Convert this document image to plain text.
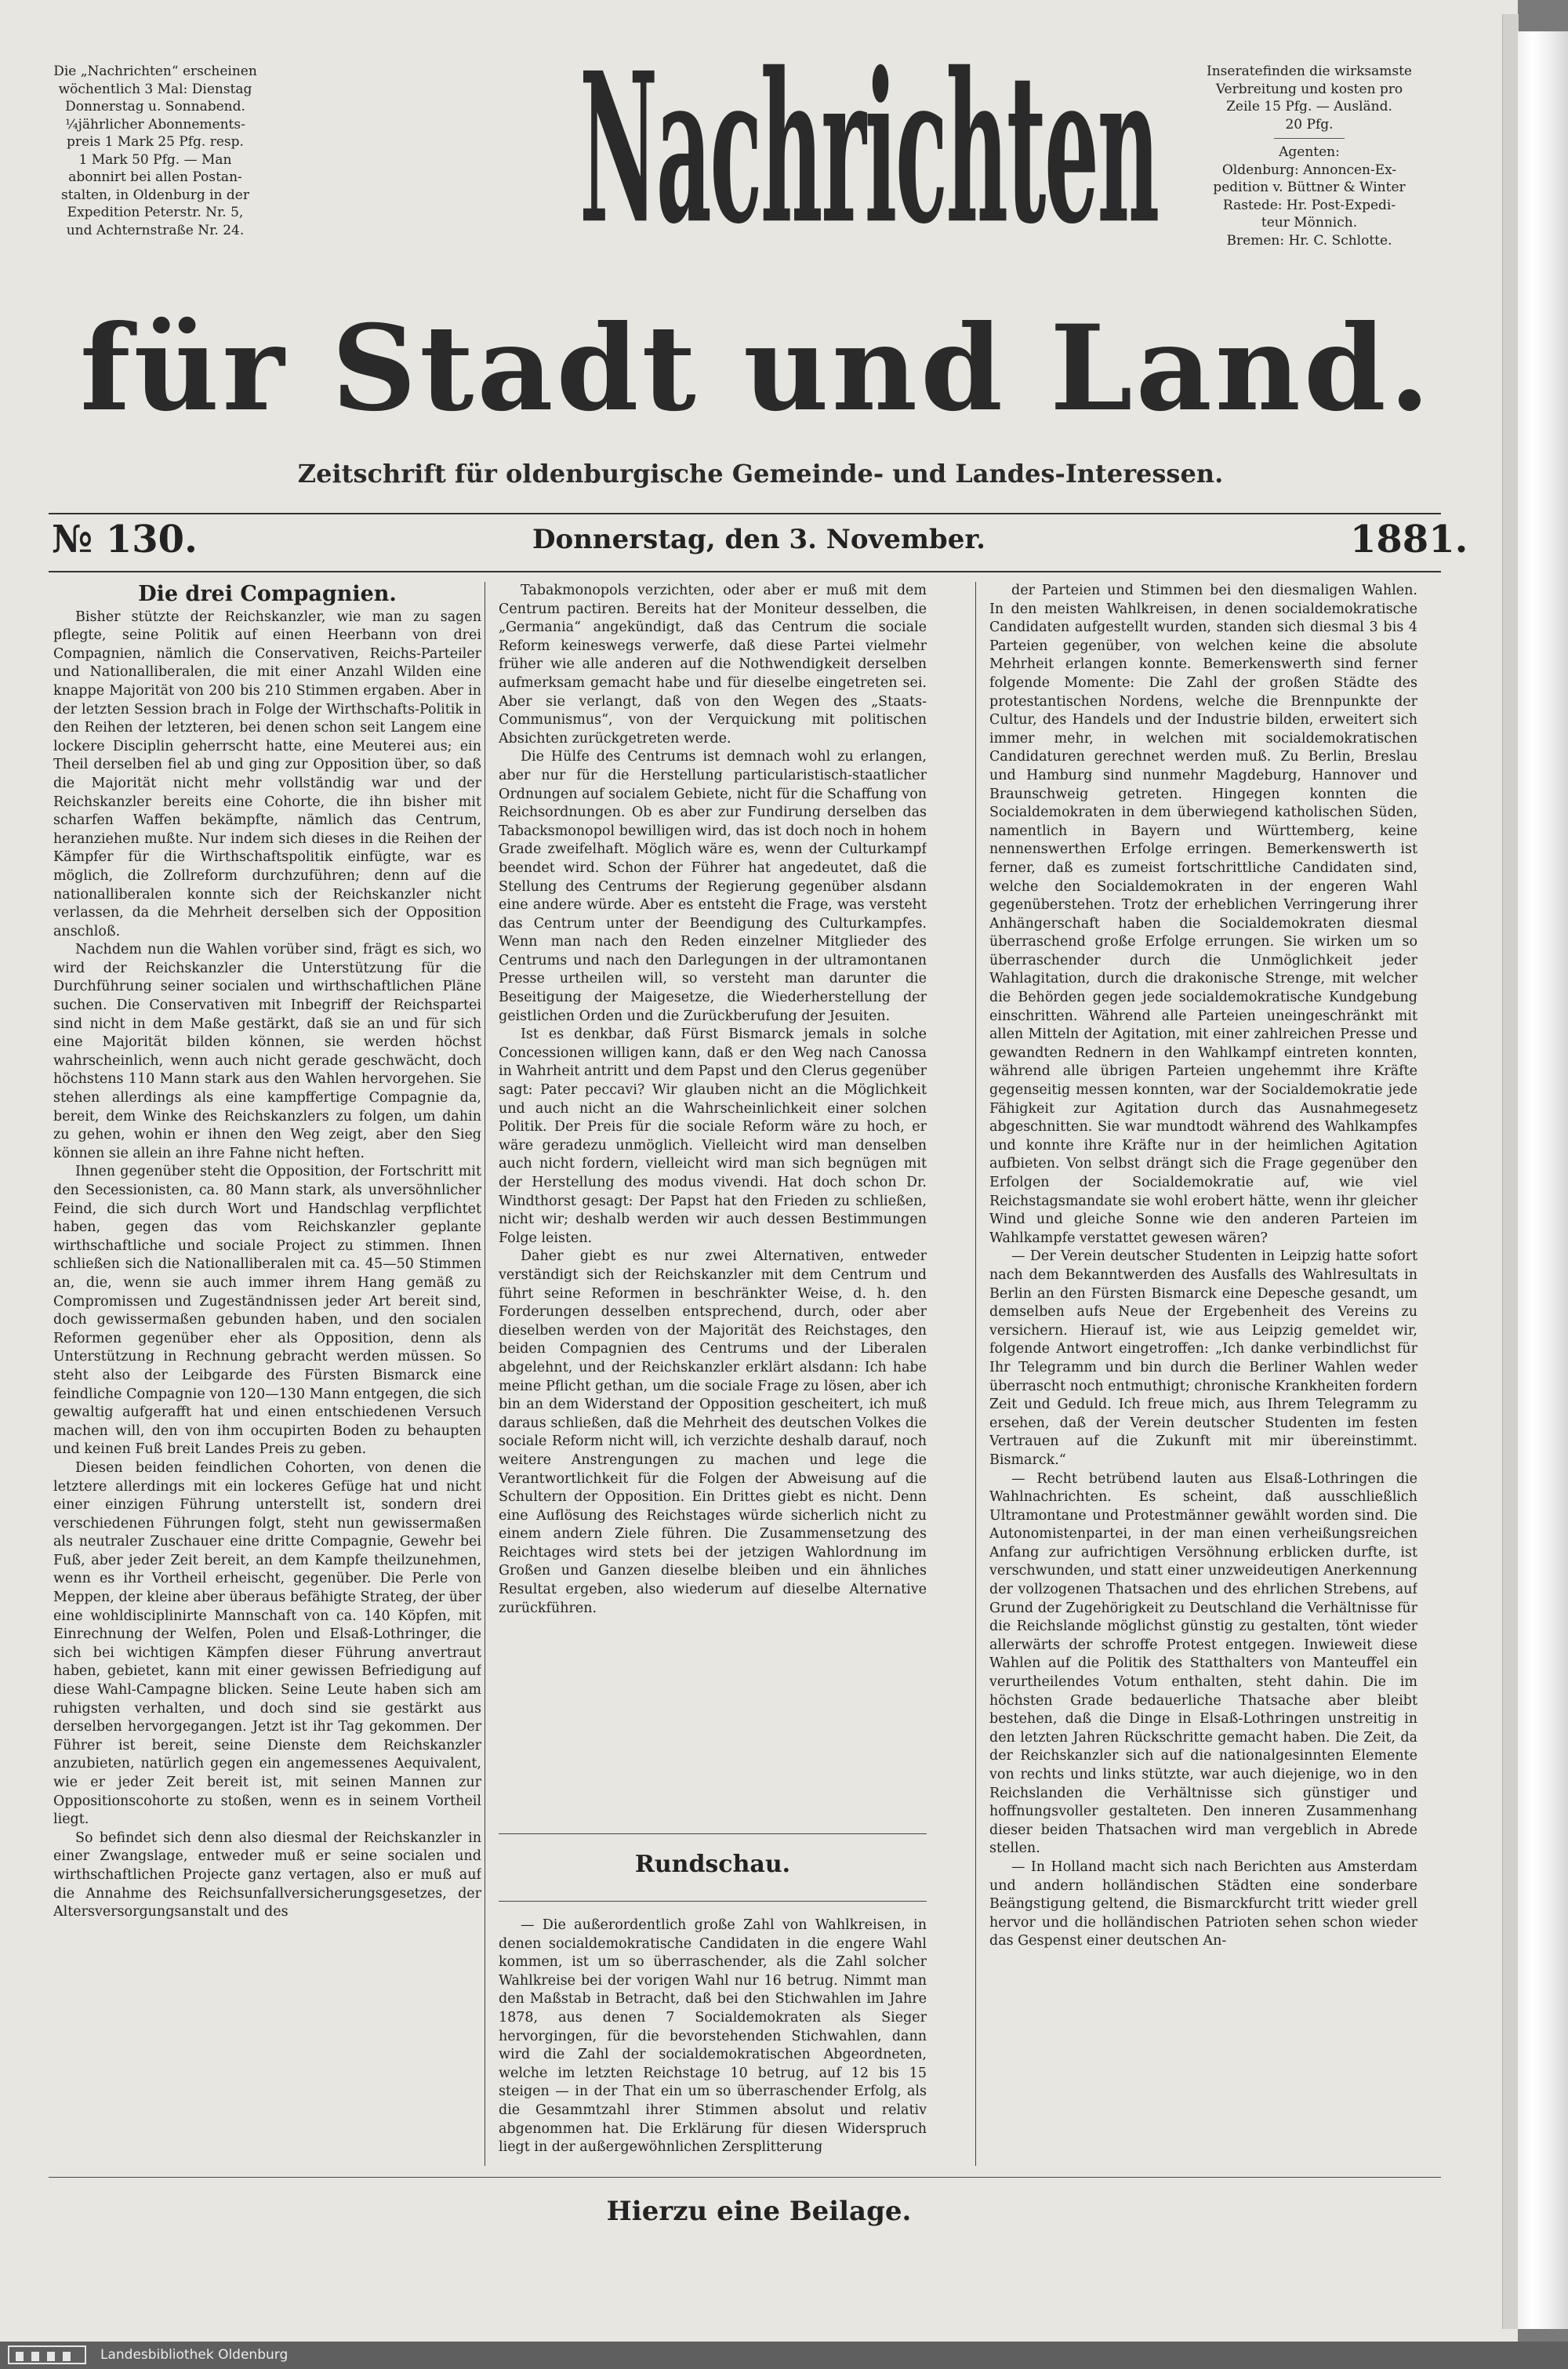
Die „Nachrichten“ erscheinen
wöchentlich 3 Mal: Dienstag
Donnerstag u. Sonnabend.
¼jährlicher Abonnements-
preis 1 Mark 25 Pfg. resp.
1 Mark 50 Pfg. — Man
abonnirt bei allen Postan-
stalten, in Oldenburg in der
Expedition Peterstr. Nr. 5,
und Achternstraße Nr. 24.
Inseratefinden die wirksamste
Verbreitung und kosten pro
Zeile 15 Pfg. — Ausländ.
20 Pfg.
Agenten:
Oldenburg: Annoncen-Ex-
pedition v. Büttner & Winter
Rastede: Hr. Post-Expedi-
teur Mönnich.
Bremen: Hr. C. Schlotte.
Nachrichten
für Stadt und Land.
Zeitschrift für oldenburgische Gemeinde- und Landes-Interessen.
№ 130.	Donnerstag, den 3. November.	1881.
Die drei Compagnien.

Bisher stützte der Reichskanzler, wie man zu sagen pflegte, seine Politik auf einen Heerbann von drei Compagnien, nämlich die Conservativen, Reichs-Parteiler und Nationalliberalen, die mit einer Anzahl Wilden eine knappe Majorität von 200 bis 210 Stimmen ergaben. Aber in der letzten Session brach in Folge der Wirthschafts-Politik in den Reihen der letzteren, bei denen schon seit Langem eine lockere Disciplin geherrscht hatte, eine Meuterei aus; ein Theil derselben fiel ab und ging zur Opposition über, so daß die Majorität nicht mehr vollständig war und der Reichskanzler bereits eine Cohorte, die ihn bisher mit scharfen Waffen bekämpfte, nämlich das Centrum, heranziehen mußte. Nur indem sich dieses in die Reihen der Kämpfer für die Wirthschaftspolitik einfügte, war es möglich, die Zollreform durchzuführen; denn auf die nationalliberalen konnte sich der Reichskanzler nicht verlassen, da die Mehrheit derselben sich der Opposition anschloß.

Nachdem nun die Wahlen vorüber sind, frägt es sich, wo wird der Reichskanzler die Unterstützung für die Durchführung seiner socialen und wirthschaftlichen Pläne suchen. Die Conservativen mit Inbegriff der Reichspartei sind nicht in dem Maße gestärkt, daß sie an und für sich eine Majorität bilden können, sie werden höchst wahrscheinlich, wenn auch nicht gerade geschwächt, doch höchstens 110 Mann stark aus den Wahlen hervorgehen. Sie stehen allerdings als eine kampffertige Compagnie da, bereit, dem Winke des Reichskanzlers zu folgen, um dahin zu gehen, wohin er ihnen den Weg zeigt, aber den Sieg können sie allein an ihre Fahne nicht heften.

Ihnen gegenüber steht die Opposition, der Fortschritt mit den Secessionisten, ca. 80 Mann stark, als unversöhnlicher Feind, die sich durch Wort und Handschlag verpflichtet haben, gegen das vom Reichskanzler geplante wirthschaftliche und sociale Project zu stimmen. Ihnen schließen sich die Nationalliberalen mit ca. 45—50 Stimmen an, die, wenn sie auch immer ihrem Hang gemäß zu Compromissen und Zugeständnissen jeder Art bereit sind, doch gewissermaßen gebunden haben, und den socialen Reformen gegenüber eher als Opposition, denn als Unterstützung in Rechnung gebracht werden müssen. So steht also der Leibgarde des Fürsten Bismarck eine feindliche Compagnie von 120—130 Mann entgegen, die sich gewaltig aufgerafft hat und einen entschiedenen Versuch machen will, den von ihm occupirten Boden zu behaupten und keinen Fuß breit Landes Preis zu geben.

Diesen beiden feindlichen Cohorten, von denen die letztere allerdings mit ein lockeres Gefüge hat und nicht einer einzigen Führung unterstellt ist, sondern drei verschiedenen Führungen folgt, steht nun gewissermaßen als neutraler Zuschauer eine dritte Compagnie, Gewehr bei Fuß, aber jeder Zeit bereit, an dem Kampfe theilzunehmen, wenn es ihr Vortheil erheischt, gegenüber. Die Perle von Meppen, der kleine aber überaus befähigte Strateg, der über eine wohldisciplinirte Mannschaft von ca. 140 Köpfen, mit Einrechnung der Welfen, Polen und Elsaß-Lothringer, die sich bei wichtigen Kämpfen dieser Führung anvertraut haben, gebietet, kann mit einer gewissen Befriedigung auf diese Wahl-Campagne blicken. Seine Leute haben sich am ruhigsten verhalten, und doch sind sie gestärkt aus derselben hervorgegangen. Jetzt ist ihr Tag gekommen. Der Führer ist bereit, seine Dienste dem Reichskanzler anzubieten, natürlich gegen ein angemessenes Aequivalent, wie er jeder Zeit bereit ist, mit seinen Mannen zur Oppositionscohorte zu stoßen, wenn es in seinem Vortheil liegt.

So befindet sich denn also diesmal der Reichskanzler in einer Zwangslage, entweder muß er seine socialen und wirthschaftlichen Projecte ganz vertagen, also er muß auf die Annahme des Reichsunfallversicherungsgesetzes, der Altersversorgungsanstalt und des

Tabakmonopols verzichten, oder aber er muß mit dem Centrum pactiren. Bereits hat der Moniteur desselben, die „Germania“ angekündigt, daß das Centrum die sociale Reform keineswegs verwerfe, daß diese Partei vielmehr früher wie alle anderen auf die Nothwendigkeit derselben aufmerksam gemacht habe und für dieselbe eingetreten sei. Aber sie verlangt, daß von den Wegen des „Staats-Communismus“, von der Verquickung mit politischen Absichten zurückgetreten werde.

Die Hülfe des Centrums ist demnach wohl zu erlangen, aber nur für die Herstellung particularistisch-staatlicher Ordnungen auf socialem Gebiete, nicht für die Schaffung von Reichsordnungen. Ob es aber zur Fundirung derselben das Tabacksmonopol bewilligen wird, das ist doch noch in hohem Grade zweifelhaft. Möglich wäre es, wenn der Culturkampf beendet wird. Schon der Führer hat angedeutet, daß die Stellung des Centrums der Regierung gegenüber alsdann eine andere würde. Aber es entsteht die Frage, was versteht das Centrum unter der Beendigung des Culturkampfes. Wenn man nach den Reden einzelner Mitglieder des Centrums und nach den Darlegungen in der ultramontanen Presse urtheilen will, so versteht man darunter die Beseitigung der Maigesetze, die Wiederherstellung der geistlichen Orden und die Zurückberufung der Jesuiten.

Ist es denkbar, daß Fürst Bismarck jemals in solche Concessionen willigen kann, daß er den Weg nach Canossa in Wahrheit antritt und dem Papst und den Clerus gegenüber sagt: Pater peccavi? Wir glauben nicht an die Möglichkeit und auch nicht an die Wahrscheinlichkeit einer solchen Politik. Der Preis für die sociale Reform wäre zu hoch, er wäre geradezu unmöglich. Vielleicht wird man denselben auch nicht fordern, vielleicht wird man sich begnügen mit der Herstellung des modus vivendi. Hat doch schon Dr. Windthorst gesagt: Der Papst hat den Frieden zu schließen, nicht wir; deshalb werden wir auch dessen Bestimmungen Folge leisten.

Daher giebt es nur zwei Alternativen, entweder verständigt sich der Reichskanzler mit dem Centrum und führt seine Reformen in beschränkter Weise, d. h. den Forderungen desselben entsprechend, durch, oder aber dieselben werden von der Majorität des Reichstages, den beiden Compagnien des Centrums und der Liberalen abgelehnt, und der Reichskanzler erklärt alsdann: Ich habe meine Pflicht gethan, um die sociale Frage zu lösen, aber ich bin an dem Widerstand der Opposition gescheitert, ich muß daraus schließen, daß die Mehrheit des deutschen Volkes die sociale Reform nicht will, ich verzichte deshalb darauf, noch weitere Anstrengungen zu machen und lege die Verantwortlichkeit für die Folgen der Abweisung auf die Schultern der Opposition. Ein Drittes giebt es nicht. Denn eine Auflösung des Reichstages würde sicherlich nicht zu einem andern Ziele führen. Die Zusammensetzung des Reichtages wird stets bei der jetzigen Wahlordnung im Großen und Ganzen dieselbe bleiben und ein ähnliches Resultat ergeben, also wiederum auf dieselbe Alternative zurückführen.

Rundschau.

— Die außerordentlich große Zahl von Wahlkreisen, in denen socialdemokratische Candidaten in die engere Wahl kommen, ist um so überraschender, als die Zahl solcher Wahlkreise bei der vorigen Wahl nur 16 betrug. Nimmt man den Maßstab in Betracht, daß bei den Stichwahlen im Jahre 1878, aus denen 7 Socialdemokraten als Sieger hervorgingen, für die bevorstehenden Stichwahlen, dann wird die Zahl der socialdemokratischen Abgeordneten, welche im letzten Reichstage 10 betrug, auf 12 bis 15 steigen — in der That ein um so überraschender Erfolg, als die Gesammtzahl ihrer Stimmen absolut und relativ abgenommen hat. Die Erklärung für diesen Widerspruch liegt in der außergewöhnlichen Zersplitterung

der Parteien und Stimmen bei den diesmaligen Wahlen. In den meisten Wahlkreisen, in denen socialdemokratische Candidaten aufgestellt wurden, standen sich diesmal 3 bis 4 Parteien gegenüber, von welchen keine die absolute Mehrheit erlangen konnte. Bemerkenswerth sind ferner folgende Momente: Die Zahl der großen Städte des protestantischen Nordens, welche die Brennpunkte der Cultur, des Handels und der Industrie bilden, erweitert sich immer mehr, in welchen mit socialdemokratischen Candidaturen gerechnet werden muß. Zu Berlin, Breslau und Hamburg sind nunmehr Magdeburg, Hannover und Braunschweig getreten. Hingegen konnten die Socialdemokraten in dem überwiegend katholischen Süden, namentlich in Bayern und Württemberg, keine nennenswerthen Erfolge erringen. Bemerkenswerth ist ferner, daß es zumeist fortschrittliche Candidaten sind, welche den Socialdemokraten in der engeren Wahl gegenüberstehen. Trotz der erheblichen Verringerung ihrer Anhängerschaft haben die Socialdemokraten diesmal überraschend große Erfolge errungen. Sie wirken um so überraschender durch die Unmöglichkeit jeder Wahlagitation, durch die drakonische Strenge, mit welcher die Behörden gegen jede socialdemokratische Kundgebung einschritten. Während alle Parteien uneingeschränkt mit allen Mitteln der Agitation, mit einer zahlreichen Presse und gewandten Rednern in den Wahlkampf eintreten konnten, während alle übrigen Parteien ungehemmt ihre Kräfte gegenseitig messen konnten, war der Socialdemokratie jede Fähigkeit zur Agitation durch das Ausnahmegesetz abgeschnitten. Sie war mundtodt während des Wahlkampfes und konnte ihre Kräfte nur in der heimlichen Agitation aufbieten. Von selbst drängt sich die Frage gegenüber den Erfolgen der Socialdemokratie auf, wie viel Reichstagsmandate sie wohl erobert hätte, wenn ihr gleicher Wind und gleiche Sonne wie den anderen Parteien im Wahlkampfe verstattet gewesen wären?

— Der Verein deutscher Studenten in Leipzig hatte sofort nach dem Bekanntwerden des Ausfalls des Wahlresultats in Berlin an den Fürsten Bismarck eine Depesche gesandt, um demselben aufs Neue der Ergebenheit des Vereins zu versichern. Hierauf ist, wie aus Leipzig gemeldet wir, folgende Antwort eingetroffen: „Ich danke verbindlichst für Ihr Telegramm und bin durch die Berliner Wahlen weder überrascht noch entmuthigt; chronische Krankheiten fordern Zeit und Geduld. Ich freue mich, aus Ihrem Telegramm zu ersehen, daß der Verein deutscher Studenten im festen Vertrauen auf die Zukunft mit mir übereinstimmt. Bismarck.“

— Recht betrübend lauten aus Elsaß-Lothringen die Wahlnachrichten. Es scheint, daß ausschließlich Ultramontane und Protestmänner gewählt worden sind. Die Autonomistenpartei, in der man einen verheißungsreichen Anfang zur aufrichtigen Versöhnung erblicken durfte, ist verschwunden, und statt einer unzweideutigen Anerkennung der vollzogenen Thatsachen und des ehrlichen Strebens, auf Grund der Zugehörigkeit zu Deutschland die Verhältnisse für die Reichslande möglichst günstig zu gestalten, tönt wieder allerwärts der schroffe Protest entgegen. Inwieweit diese Wahlen auf die Politik des Statthalters von Manteuffel ein verurtheilendes Votum enthalten, steht dahin. Die im höchsten Grade bedauerliche Thatsache aber bleibt bestehen, daß die Dinge in Elsaß-Lothringen unstreitig in den letzten Jahren Rückschritte gemacht haben. Die Zeit, da der Reichskanzler sich auf die nationalgesinnten Elemente von rechts und links stützte, war auch diejenige, wo in den Reichslanden die Verhältnisse sich günstiger und hoffnungsvoller gestalteten. Den inneren Zusammenhang dieser beiden Thatsachen wird man vergeblich in Abrede stellen.

— In Holland macht sich nach Berichten aus Amsterdam und andern holländischen Städten eine sonderbare Beängstigung geltend, die Bismarckfurcht tritt wieder grell hervor und die holländischen Patrioten sehen schon wieder das Gespenst einer deutschen An-

Hierzu eine Beilage.
Landesbibliothek Oldenburg
